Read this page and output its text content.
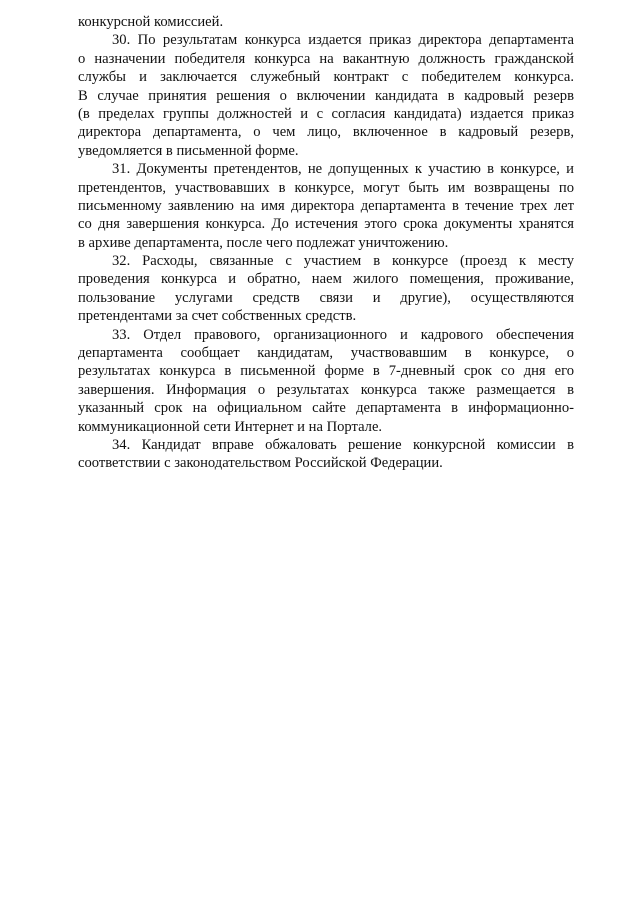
конкурсной комиссией.
30. По результатам конкурса издается приказ директора департамента
о назначении победителя конкурса на вакантную должность гражданской
службы и заключается служебный контракт с победителем конкурса.
В случае принятия решения о включении кандидата в кадровый резерв
(в пределах группы должностей и с согласия кандидата) издается приказ
директора департамента, о чем лицо, включенное в кадровый резерв,
уведомляется в письменной форме.
31. Документы претендентов, не допущенных к участию в конкурсе, и
претендентов, участвовавших в конкурсе, могут быть им возвращены по
письменному заявлению на имя директора департамента в течение трех лет
со дня завершения конкурса. До истечения этого срока документы хранятся
в архиве департамента, после чего подлежат уничтожению.
32. Расходы, связанные с участием в конкурсе (проезд к месту
проведения конкурса и обратно, наем жилого помещения, проживание,
пользование услугами средств связи и другие), осуществляются
претендентами за счет собственных средств.
33. Отдел правового, организационного и кадрового обеспечения
департамента сообщает кандидатам, участвовавшим в конкурсе, о
результатах конкурса в письменной форме в 7-дневный срок со дня его
завершения. Информация о результатах конкурса также размещается в
указанный срок на официальном сайте департамента в информационно-
коммуникационной сети Интернет и на Портале.
34. Кандидат вправе обжаловать решение конкурсной комиссии в
соответствии с законодательством Российской Федерации.
